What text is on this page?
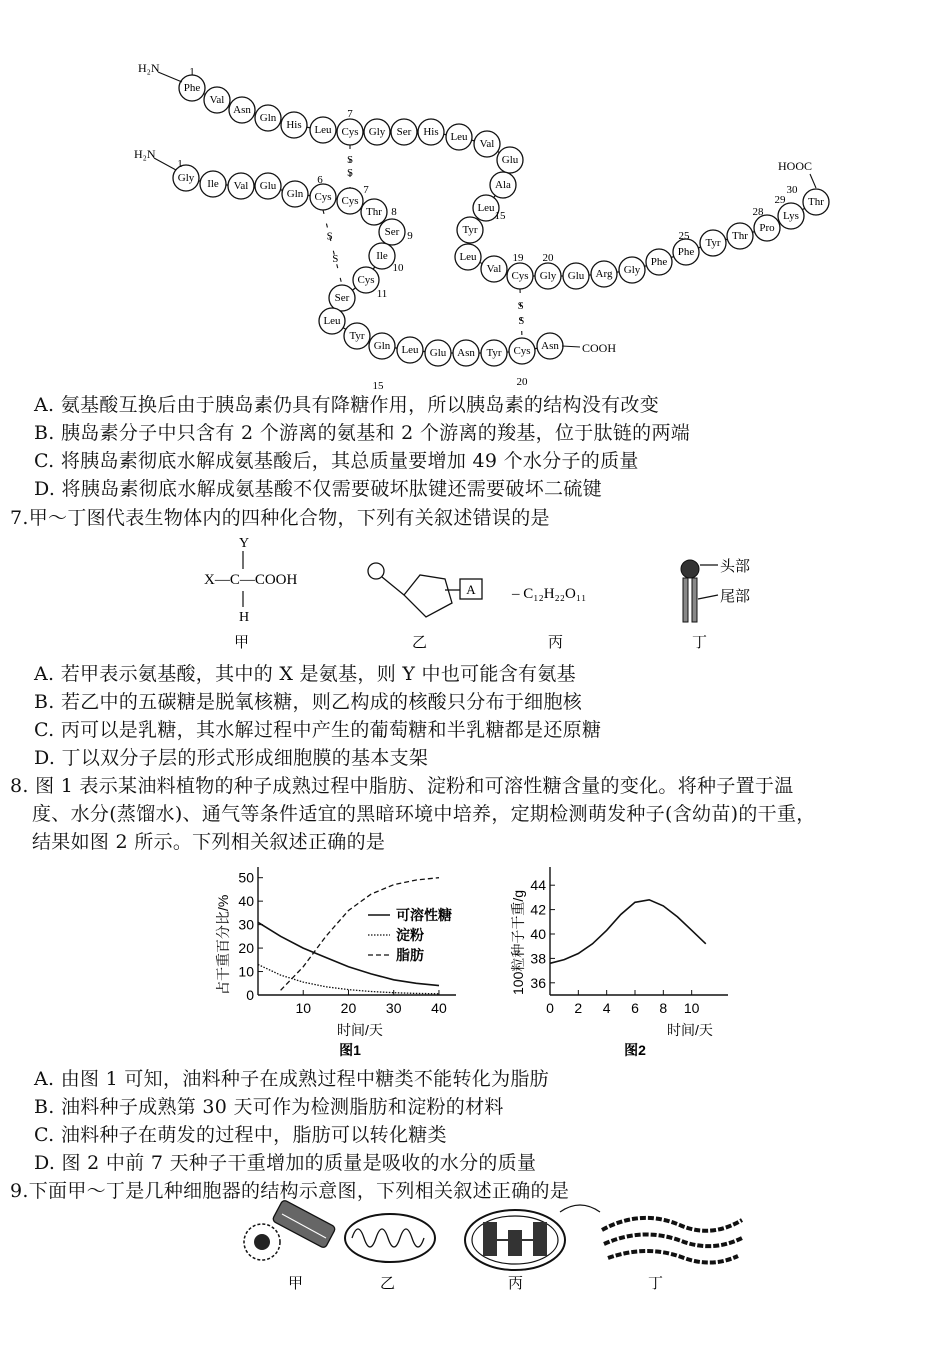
Phe
Val
Asn
Gln
His Leu Cys Gly Ser His Leu
Val
Glu
Ala
Leu
Tyr
Leu
Val
Cys Gly Glu Arg Gly
Phe
Phe
Tyr
Thr
Pro
Lys
Thr
Gly Ile Val Glu
Gln Cys Cys
Thr
Ser
Ile
Cys
Ser
Leu
Tyr
Gln Leu Glu Asn Tyr Cys Asn
S
S
S
S
S
S
1
1
7
6
7
8
9
10
11
15	20
19 20
15
25
28
29
30
H₂N
H₂N
COOH
HOOC
A. 氨基酸互换后由于胰岛素仍具有降糖作用，所以胰岛素的结构没有改变
B. 胰岛素分子中只含有 2 个游离的氨基和 2 个游离的羧基，位于肽链的两端
C. 将胰岛素彻底水解成氨基酸后，其总质量要增加 49 个水分子的质量
D. 将胰岛素彻底水解成氨基酸不仅需要破坏肽键还需要破坏二硫键
7.甲～丁图代表生物体内的四种化合物，下列有关叙述错误的是
Y
X—C—COOH
H
甲
A
乙
– C₁₂H₂₂O₁₁
丙
头部
尾部
丁
A. 若甲表示氨基酸，其中的 X 是氨基，则 Y 中也可能含有氨基
B. 若乙中的五碳糖是脱氧核糖，则乙构成的核酸只分布于细胞核
C. 丙可以是乳糖，其水解过程中产生的葡萄糖和半乳糖都是还原糖
D. 丁以双分子层的形式形成细胞膜的基本支架
8. 图 1 表示某油料植物的种子成熟过程中脂肪、淀粉和可溶性糖含量的变化。将种子置于温
度、水分(蒸馏水)、通气等条件适宜的黑暗环境中培养，定期检测萌发种子(含幼苗)的干重，
结果如图 2 所示。下列相关叙述正确的是
占干重百分比/%
时间/天
图1
0
10
20
30
40
50
10 20 30 40
可溶性糖
淀粉
脂肪	100粒种子干重/g
时间/天
图2
36
38
40
42
44
0 2 4 6 8 10
A. 由图 1 可知，油料种子在成熟过程中糖类不能转化为脂肪
B. 油料种子成熟第 30 天可作为检测脂肪和淀粉的材料
C. 油料种子在萌发的过程中，脂肪可以转化糖类
D. 图 2 中前 7 天种子干重增加的质量是吸收的水分的质量
9.下面甲～丁是几种细胞器的结构示意图，下列相关叙述正确的是
甲	乙	丙	丁
